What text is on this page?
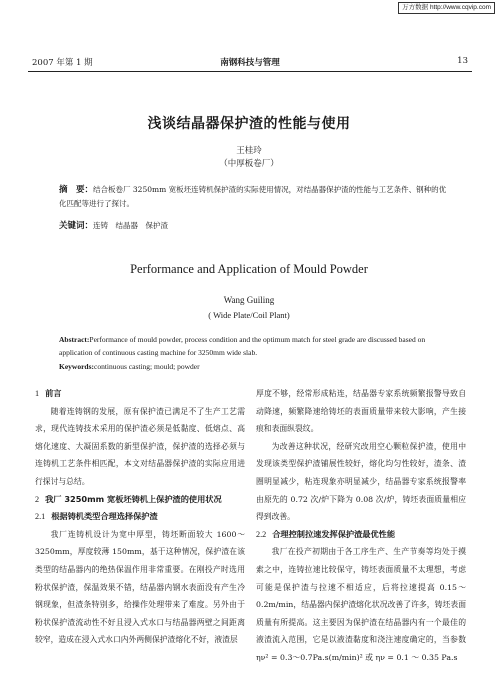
万方数据 http://www.cqvip.com
2007 年第 1 期	南钢科技与管理	13
浅谈结晶器保护渣的性能与使用
王桂玲
（中厚板卷厂）
摘　要：结合板卷厂 3250mm 宽板坯连铸机保护渣的实际使用情况，对结晶器保护渣的性能与工艺条件、钢种的优化匹配等进行了探讨。
关键词：连铸　结晶器　保护渣
Performance and Application of Mould Powder
Wang Guiling
( Wide Plate/Coil Plant)
Abstract:Performance of mould powder, process condition and the optimum match for steel grade are discussed based on application of continuous casting machine for 3250mm wide slab.
Keywords:continuous casting; mould; powder

1 前言

随着连铸钢的发展，原有保护渣已满足不了生产工艺需求，现代连铸技术采用的保护渣必须是低黏度、低熔点、高熔化速度、大凝固系数的新型保护渣，保护渣的选择必须与连铸机工艺条件相匹配，本文对结晶器保护渣的实际应用进行探讨与总结。

2 我厂 3250mm 宽板坯铸机上保护渣的使用状况

2.1 根据铸机类型合理选择保护渣

我厂连铸机设计为宽中厚型，铸坯断面较大 1600～3250mm，厚度较薄 150mm，基于这种情况，保护渣在该类型的结晶器内的绝热保温作用非常重要。在刚投产时选用粉状保护渣，保温效果不错，结晶器内钢水表面没有产生冷钢现象，但渣条特别多，给操作处理带来了难度。另外由于粉状保护渣流动性不好且浸入式水口与结晶器两壁之间距离较窄，造成在浸入式水口内外两侧保护渣熔化不好，液渣层

厚度不够，经常形成粘连，结晶器专家系统频繁报警导致自动降速，频繁降速给铸坯的表面质量带来较大影响，产生接痕和表面纵裂纹。

为改善这种状况，经研究改用空心颗粒保护渣，使用中发现该类型保护渣铺展性较好，熔化均匀性较好，渣条、渣圈明显减少，粘连现象亦明显减少，结晶器专家系统报警率由原先的 0.72 次/炉下降为 0.08 次/炉，铸坯表面质量相应得到改善。

2.2 合理控制拉速发挥保护渣最优性能

我厂在投产初期由于各工序生产、生产节奏等均处于摸索之中，连铸拉速比较保守，铸坯表面质量不太理想，考虑可能是保护渣与拉速不相适应，后将拉速提高 0.15～0.2m/min，结晶器内保护渣熔化状况改善了许多，铸坯表面质量有所提高。这主要因为保护渣在结晶器内有一个最佳的液渣流入范围，它是以液渣黏度和浇注速度确定的，当参数 ην² = 0.3～0.7Pa.s(m/min)² 或 ην = 0.1 ～ 0.35 Pa.s
